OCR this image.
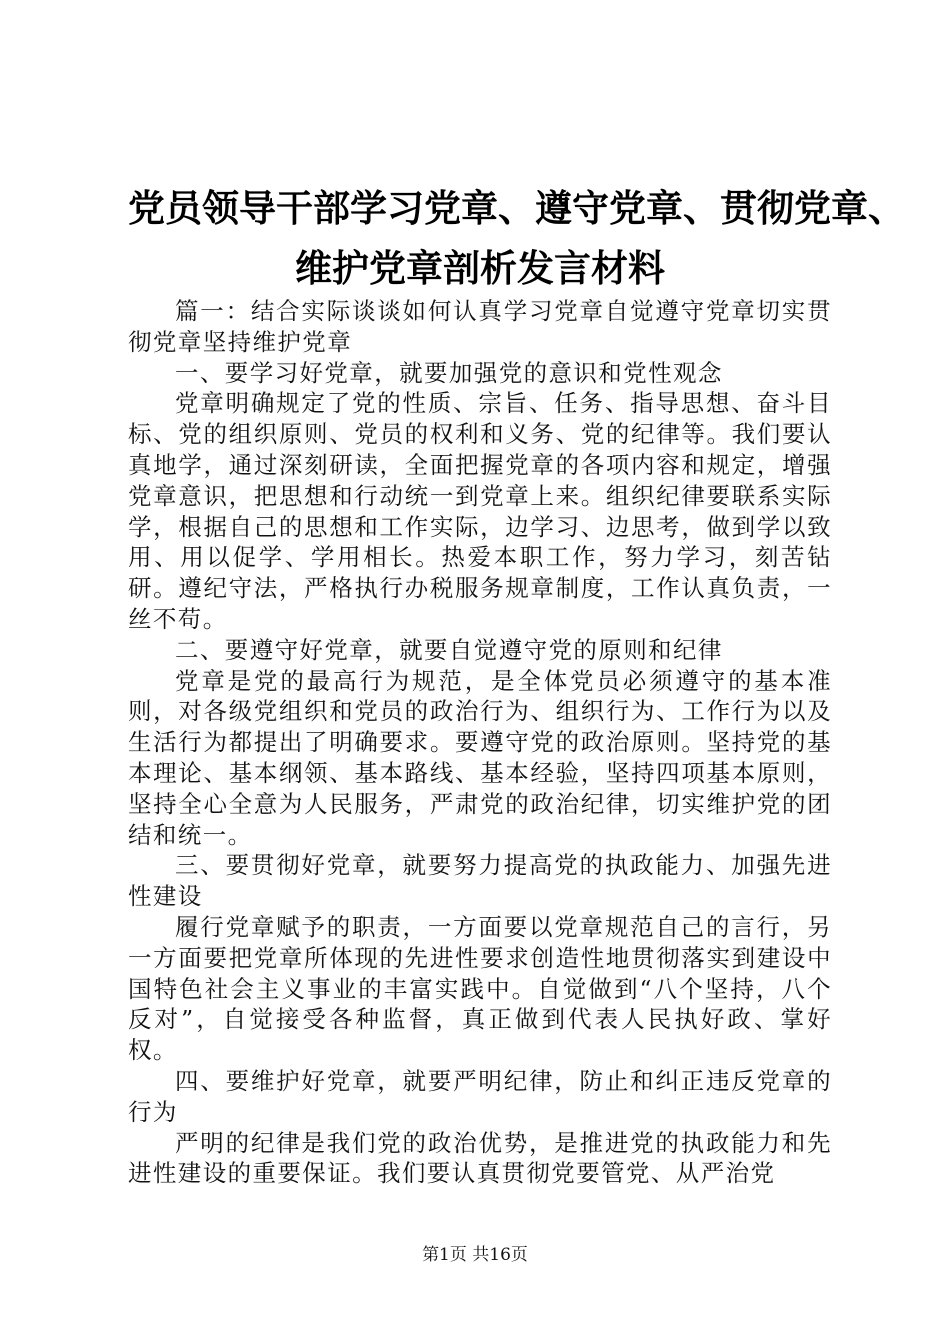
党员领导干部学习党章、遵守党章、贯彻党章、
维护党章剖析发言材料

篇一：结合实际谈谈如何认真学习党章自觉遵守党章切实贯彻党章坚持维护党章

一、要学习好党章，就要加强党的意识和党性观念

党章明确规定了党的性质、宗旨、任务、指导思想、奋斗目标、党的组织原则、党员的权利和义务、党的纪律等。我们要认真地学，通过深刻研读，全面把握党章的各项内容和规定，增强党章意识，把思想和行动统一到党章上来。组织纪律要联系实际学，根据自己的思想和工作实际，边学习、边思考，做到学以致用、用以促学、学用相长。热爱本职工作，努力学习，刻苦钻研。遵纪守法，严格执行办税服务规章制度，工作认真负责，一丝不苟。

二、要遵守好党章，就要自觉遵守党的原则和纪律

党章是党的最高行为规范，是全体党员必须遵守的基本准则，对各级党组织和党员的政治行为、组织行为、工作行为以及生活行为都提出了明确要求。要遵守党的政治原则。坚持党的基本理论、基本纲领、基本路线、基本经验，坚持四项基本原则，坚持全心全意为人民服务，严肃党的政治纪律，切实维护党的团结和统一。

三、要贯彻好党章，就要努力提高党的执政能力、加强先进性建设

履行党章赋予的职责，一方面要以党章规范自己的言行，另一方面要把党章所体现的先进性要求创造性地贯彻落实到建设中国特色社会主义事业的丰富实践中。自觉做到“八个坚持，八个反对”，自觉接受各种监督，真正做到代表人民执好政、掌好权。

四、要维护好党章，就要严明纪律，防止和纠正违反党章的行为

严明的纪律是我们党的政治优势，是推进党的执政能力和先进性建设的重要保证。我们要认真贯彻党要管党、从严治党

第1页 共16页
